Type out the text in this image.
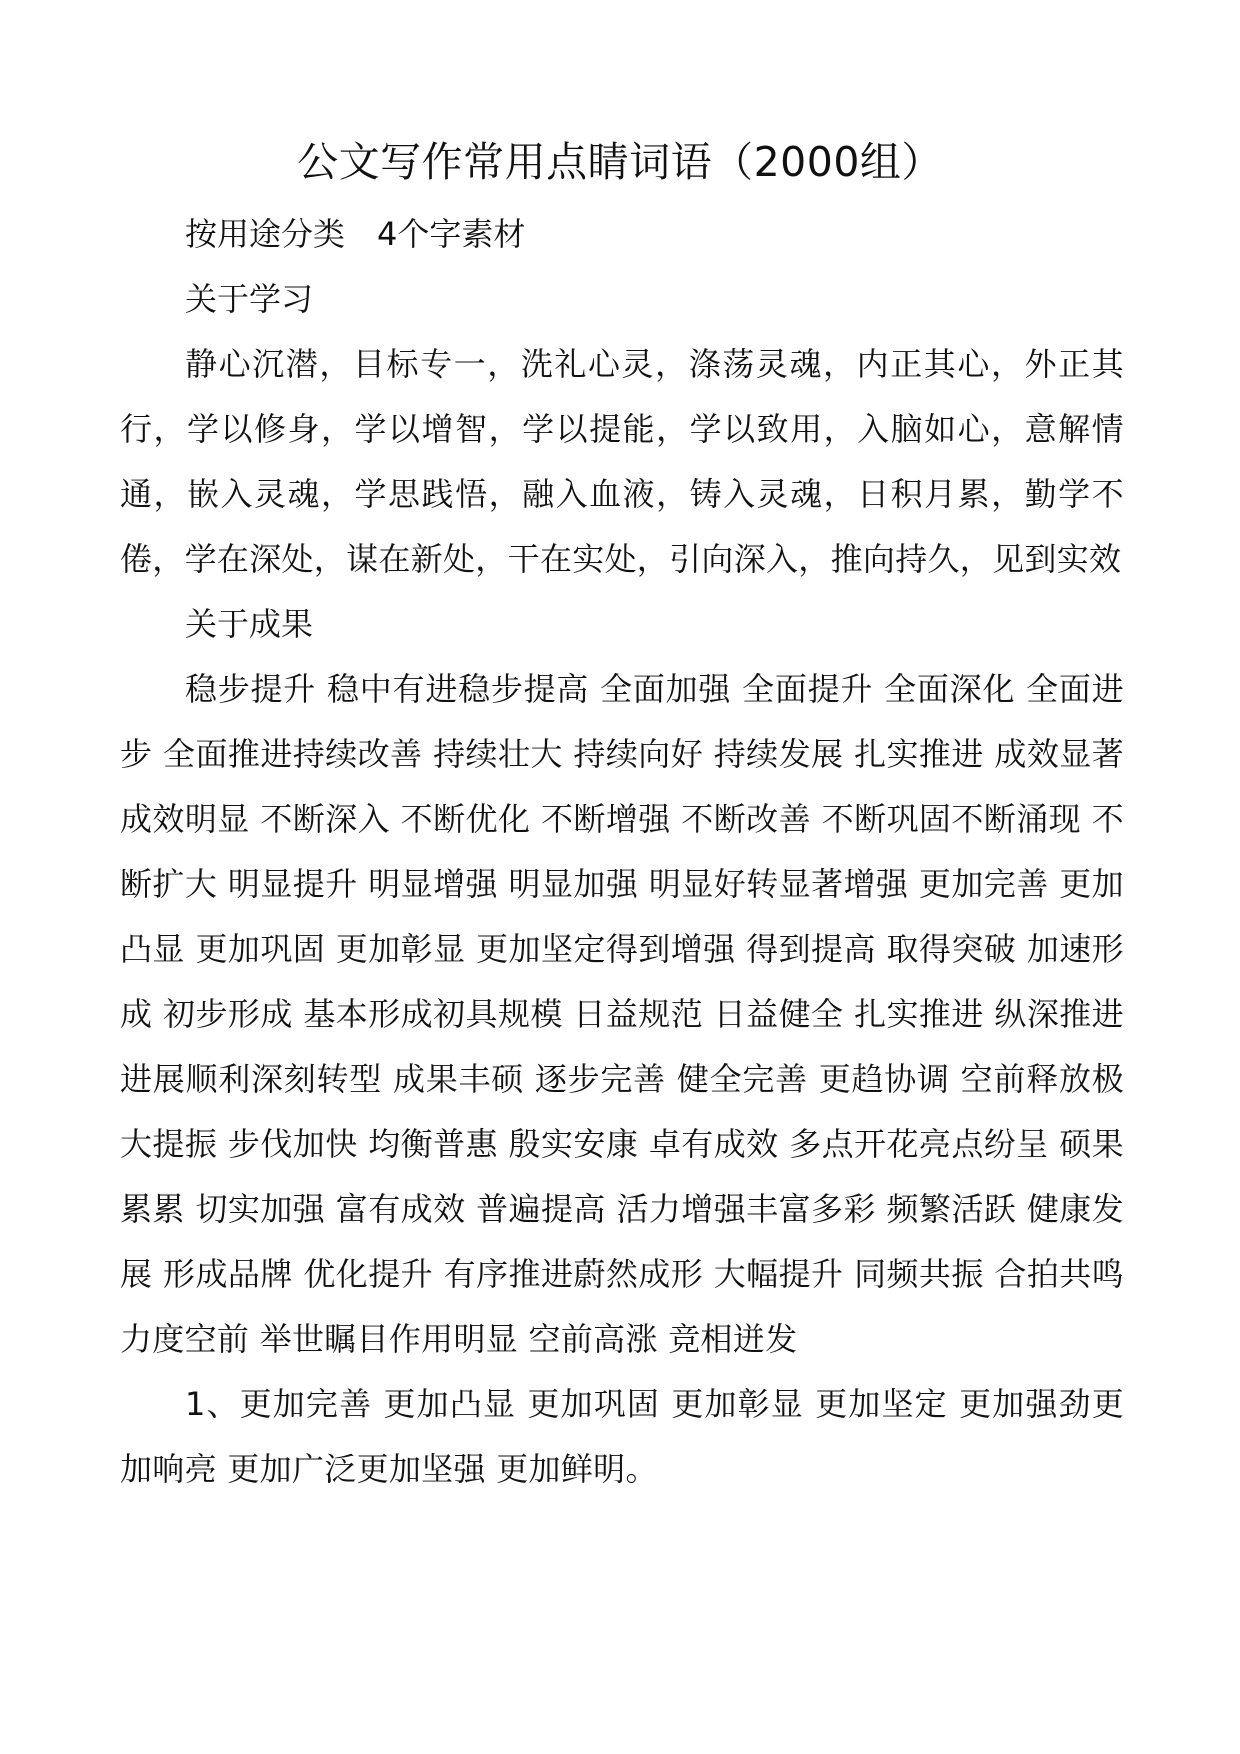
公文写作常用点睛词语（2000组）

按用途分类　4个字素材

关于学习

静心沉潜，目标专一，洗礼心灵，涤荡灵魂，内正其心，外正其行，学以修身，学以增智，学以提能，学以致用，入脑如心，意解情通，嵌入灵魂，学思践悟，融入血液，铸入灵魂，日积月累，勤学不倦，学在深处，谋在新处，干在实处，引向深入，推向持久，见到实效

关于成果

稳步提升 稳中有进稳步提高 全面加强 全面提升 全面深化 全面进步 全面推进持续改善 持续壮大 持续向好 持续发展 扎实推进 成效显著成效明显 不断深入 不断优化 不断增强 不断改善 不断巩固不断涌现 不断扩大 明显提升 明显增强 明显加强 明显好转显著增强 更加完善 更加凸显 更加巩固 更加彰显 更加坚定得到增强 得到提高 取得突破 加速形成 初步形成 基本形成初具规模 日益规范 日益健全 扎实推进 纵深推进 进展顺利深刻转型 成果丰硕 逐步完善 健全完善 更趋协调 空前释放极大提振 步伐加快 均衡普惠 殷实安康 卓有成效 多点开花亮点纷呈 硕果累累 切实加强 富有成效 普遍提高 活力增强丰富多彩 频繁活跃 健康发展 形成品牌 优化提升 有序推进蔚然成形 大幅提升 同频共振 合拍共鸣 力度空前 举世瞩目作用明显 空前高涨 竞相迸发

1、更加完善 更加凸显 更加巩固 更加彰显 更加坚定 更加强劲更加响亮 更加广泛更加坚强 更加鲜明。
